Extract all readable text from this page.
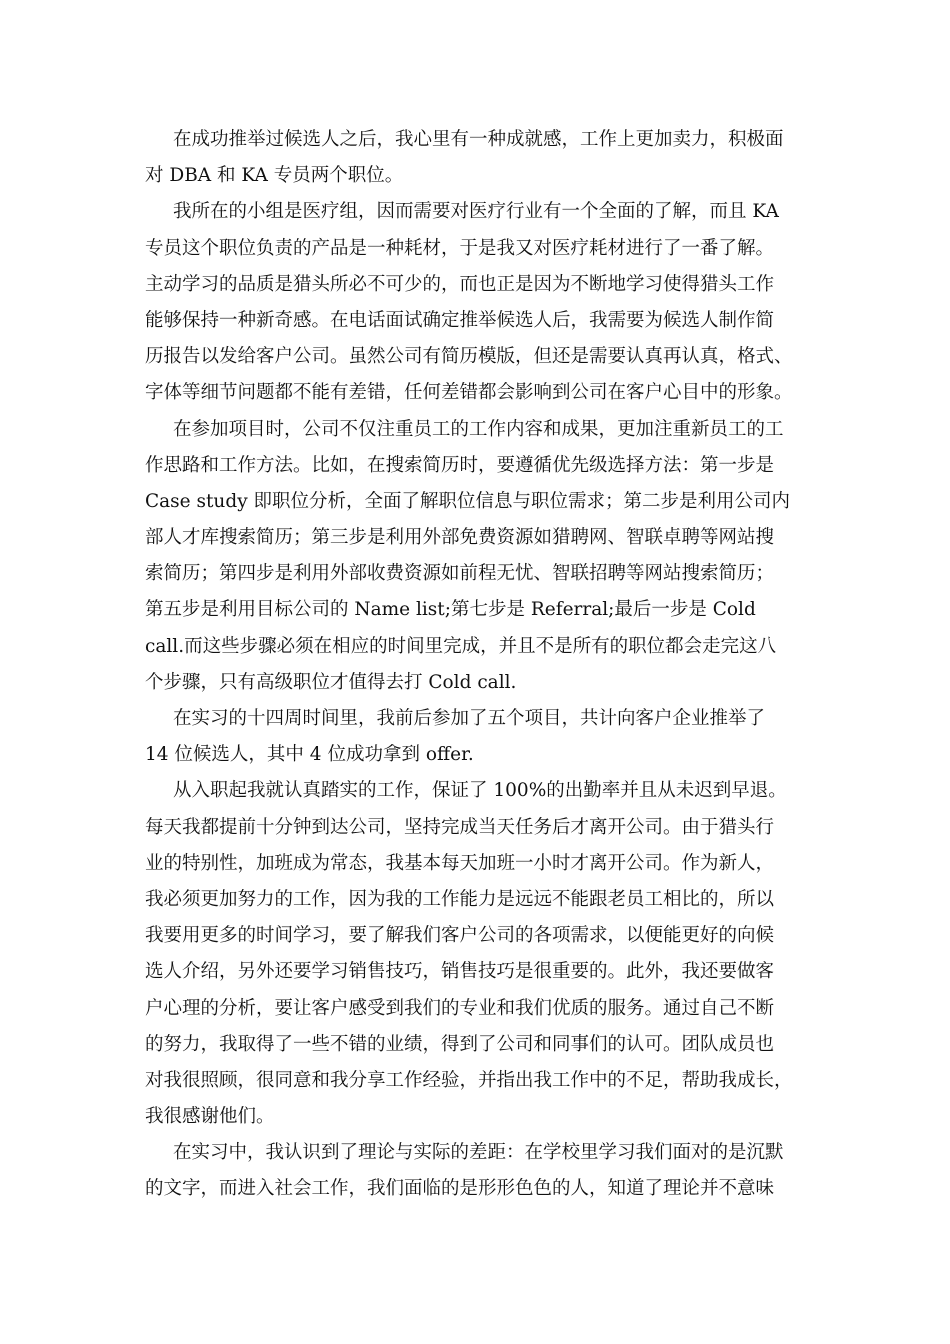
在成功推举过候选人之后，我心里有一种成就感，工作上更加卖力，积极面
对 DBA 和 KA 专员两个职位。
我所在的小组是医疗组，因而需要对医疗行业有一个全面的了解，而且 KA
专员这个职位负责的产品是一种耗材，于是我又对医疗耗材进行了一番了解。
主动学习的品质是猎头所必不可少的，而也正是因为不断地学习使得猎头工作
能够保持一种新奇感。在电话面试确定推举候选人后，我需要为候选人制作简
历报告以发给客户公司。虽然公司有简历模版，但还是需要认真再认真，格式、
字体等细节问题都不能有差错，任何差错都会影响到公司在客户心目中的形象。
在参加项目时，公司不仅注重员工的工作内容和成果，更加注重新员工的工
作思路和工作方法。比如，在搜索简历时，要遵循优先级选择方法：第一步是
Case study 即职位分析，全面了解职位信息与职位需求；第二步是利用公司内
部人才库搜索简历；第三步是利用外部免费资源如猎聘网、智联卓聘等网站搜
索简历；第四步是利用外部收费资源如前程无忧、智联招聘等网站搜索简历；
第五步是利用目标公司的 Name list;第七步是 Referral;最后一步是 Cold
call.而这些步骤必须在相应的时间里完成，并且不是所有的职位都会走完这八
个步骤，只有高级职位才值得去打 Cold call.
在实习的十四周时间里，我前后参加了五个项目，共计向客户企业推举了
14 位候选人，其中 4 位成功拿到 offer.
从入职起我就认真踏实的工作，保证了 100%的出勤率并且从未迟到早退。
每天我都提前十分钟到达公司，坚持完成当天任务后才离开公司。由于猎头行
业的特别性，加班成为常态，我基本每天加班一小时才离开公司。作为新人，
我必须更加努力的工作，因为我的工作能力是远远不能跟老员工相比的，所以
我要用更多的时间学习，要了解我们客户公司的各项需求，以便能更好的向候
选人介绍，另外还要学习销售技巧，销售技巧是很重要的。此外，我还要做客
户心理的分析，要让客户感受到我们的专业和我们优质的服务。通过自己不断
的努力，我取得了一些不错的业绩，得到了公司和同事们的认可。团队成员也
对我很照顾，很同意和我分享工作经验，并指出我工作中的不足，帮助我成长，
我很感谢他们。
在实习中，我认识到了理论与实际的差距：在学校里学习我们面对的是沉默
的文字，而进入社会工作，我们面临的是形形色色的人，知道了理论并不意味
